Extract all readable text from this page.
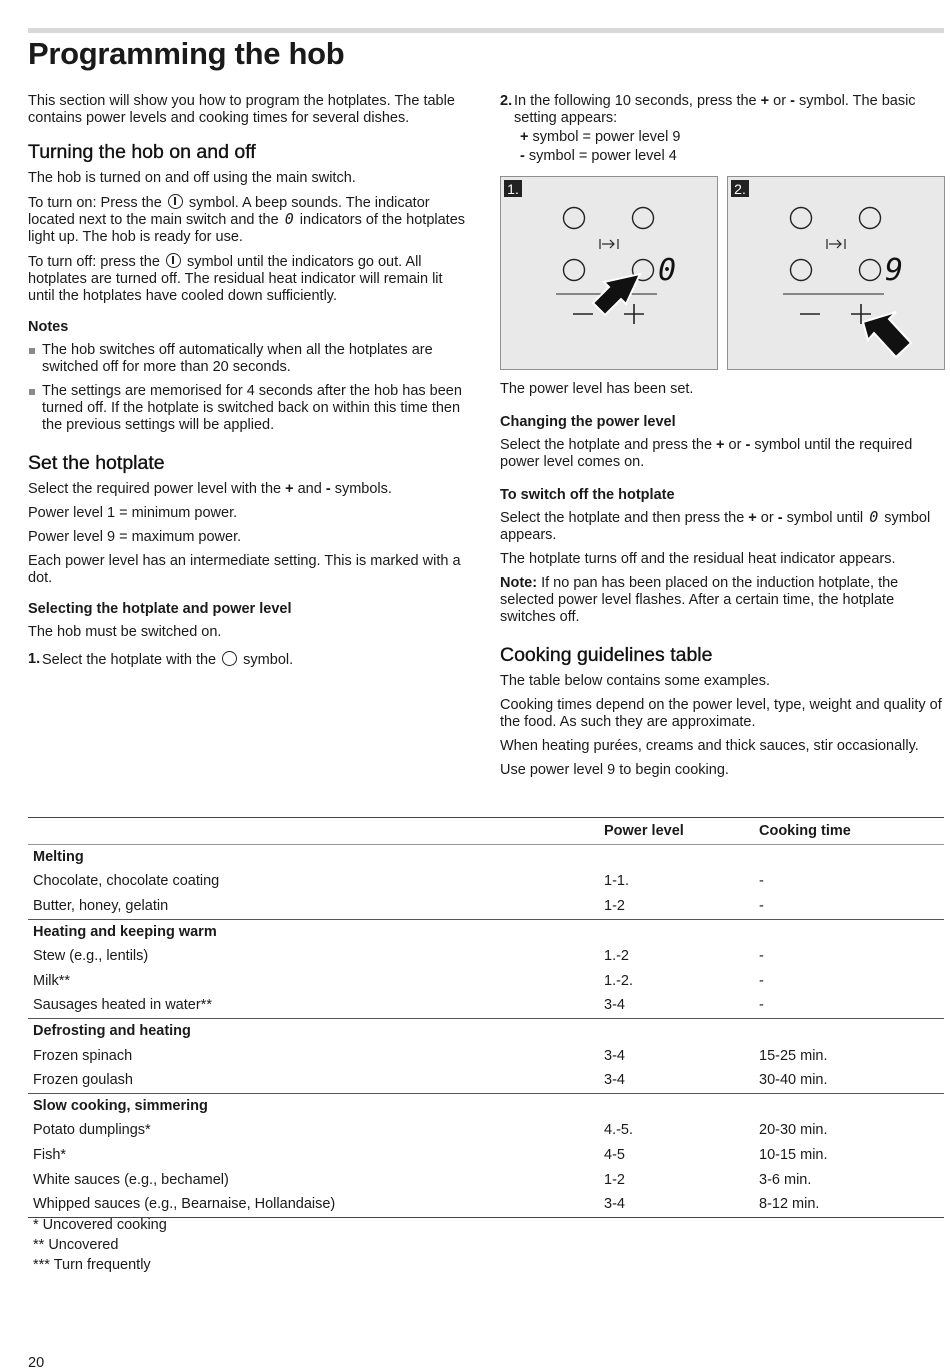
Programming the hob

This section will show you how to program the hotplates. The table contains power levels and cooking times for several dishes.

Turning the hob on and off

The hob is turned on and off using the main switch.

To turn on: Press the  symbol. A beep sounds. The indicator located next to the main switch and the 0 indicators of the hotplates light up. The hob is ready for use.

To turn off: press the  symbol until the indicators go out. All hotplates are turned off. The residual heat indicator will remain lit until the hotplates have cooled down sufficiently.

Notes
The hob switches off automatically when all the hotplates are switched off for more than 20 seconds.
The settings are memorised for 4 seconds after the hob has been turned off. If the hotplate is switched back on within this time then the previous settings will be applied.
Set the hotplate

Select the required power level with the + and - symbols.

Power level 1 = minimum power.

Power level 9 = maximum power.

Each power level has an intermediate setting. This is marked with a dot.

Selecting the hotplate and power level

The hob must be switched on.

1. Select the hotplate with the  symbol.

2. In the following 10 seconds, press the + or - symbol. The basic setting appears:

+ symbol = power level 9

- symbol = power level 4

1.
0
2.
9

The power level has been set.

Changing the power level

Select the hotplate and press the + or - symbol until the required power level comes on.

To switch off the hotplate

Select the hotplate and then press the + or - symbol until 0 symbol appears.

The hotplate turns off and the residual heat indicator appears.

Note: If no pan has been placed on the induction hotplate, the selected power level flashes. After a certain time, the hotplate switches off.

Cooking guidelines table

The table below contains some examples.

Cooking times depend on the power level, type, weight and quality of the food. As such they are approximate.

When heating purées, creams and thick sauces, stir occasionally.

Use power level 9 to begin cooking.

	Power level	Cooking time
Melting		
Chocolate, chocolate coating	1-1.	-
Butter, honey, gelatin	1-2	-
Heating and keeping warm		
Stew (e.g., lentils)	1.-2	-
Milk**	1.-2.	-
Sausages heated in water**	3-4	-
Defrosting and heating		
Frozen spinach	3-4	15-25 min.
Frozen goulash	3-4	30-40 min.
Slow cooking, simmering		
Potato dumplings*	4.-5.	20-30 min.
Fish*	4-5	10-15 min.
White sauces (e.g., bechamel)	1-2	3-6 min.
Whipped sauces (e.g., Bearnaise, Hollandaise)	3-4	8-12 min.

* Uncovered cooking

** Uncovered

*** Turn frequently

20
